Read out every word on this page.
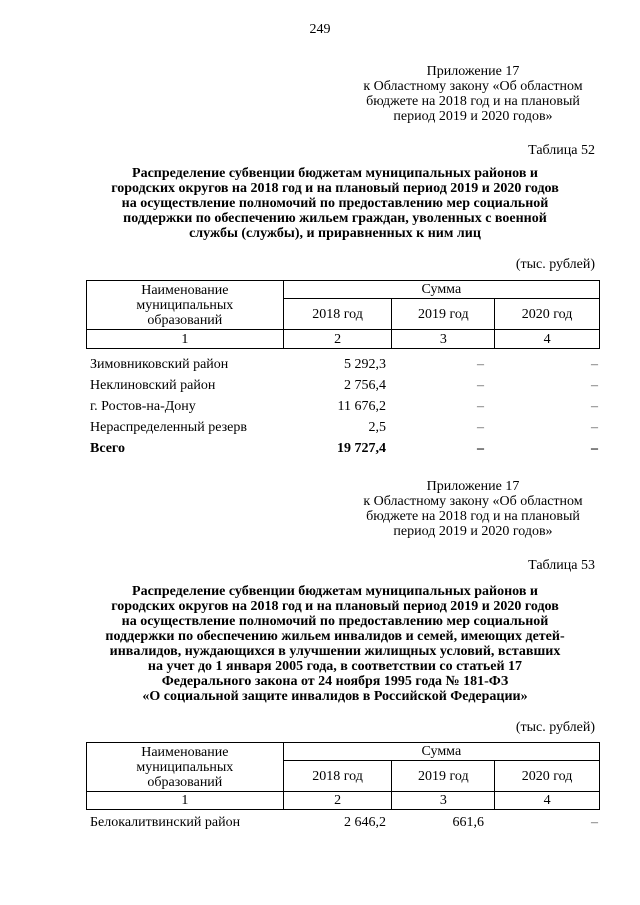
249
Приложение 17
к Областному закону «Об областном
бюджете на 2018 год и на плановый
период 2019 и 2020 годов»
Таблица 52
Распределение субвенции бюджетам муниципальных районов и
городских округов на 2018 год и на плановый период 2019 и 2020 годов
на осуществление полномочий по предоставлению мер социальной
поддержки по обеспечению жильем граждан, уволенных с военной
службы (службы), и приравненных к ним лиц
(тыс. рублей)
Наименование
муниципальных
образований	Сумма		
	2018 год	2019 год	2020 год
1	2	3	4
Зимовниковский район	5 292,3	–	–
Неклиновский район	2 756,4	–	–
г. Ростов-на-Дону	11 676,2	–	–
Нераспределенный резерв	2,5	–	–
Всего	19 727,4	–	–
Приложение 17
к Областному закону «Об областном
бюджете на 2018 год и на плановый
период 2019 и 2020 годов»
Таблица 53
Распределение субвенции бюджетам муниципальных районов и
городских округов на 2018 год и на плановый период 2019 и 2020 годов
на осуществление полномочий по предоставлению мер социальной
поддержки по обеспечению жильем инвалидов и семей, имеющих детей-
инвалидов, нуждающихся в улучшении жилищных условий, вставших
на учет до 1 января 2005 года, в соответствии со статьей 17
Федерального закона от 24 ноября 1995 года № 181-ФЗ
«О социальной защите инвалидов в Российской Федерации»
(тыс. рублей)
Наименование
муниципальных
образований	Сумма		
	2018 год	2019 год	2020 год
1	2	3	4
Белокалитвинский район	2 646,2	661,6	–
